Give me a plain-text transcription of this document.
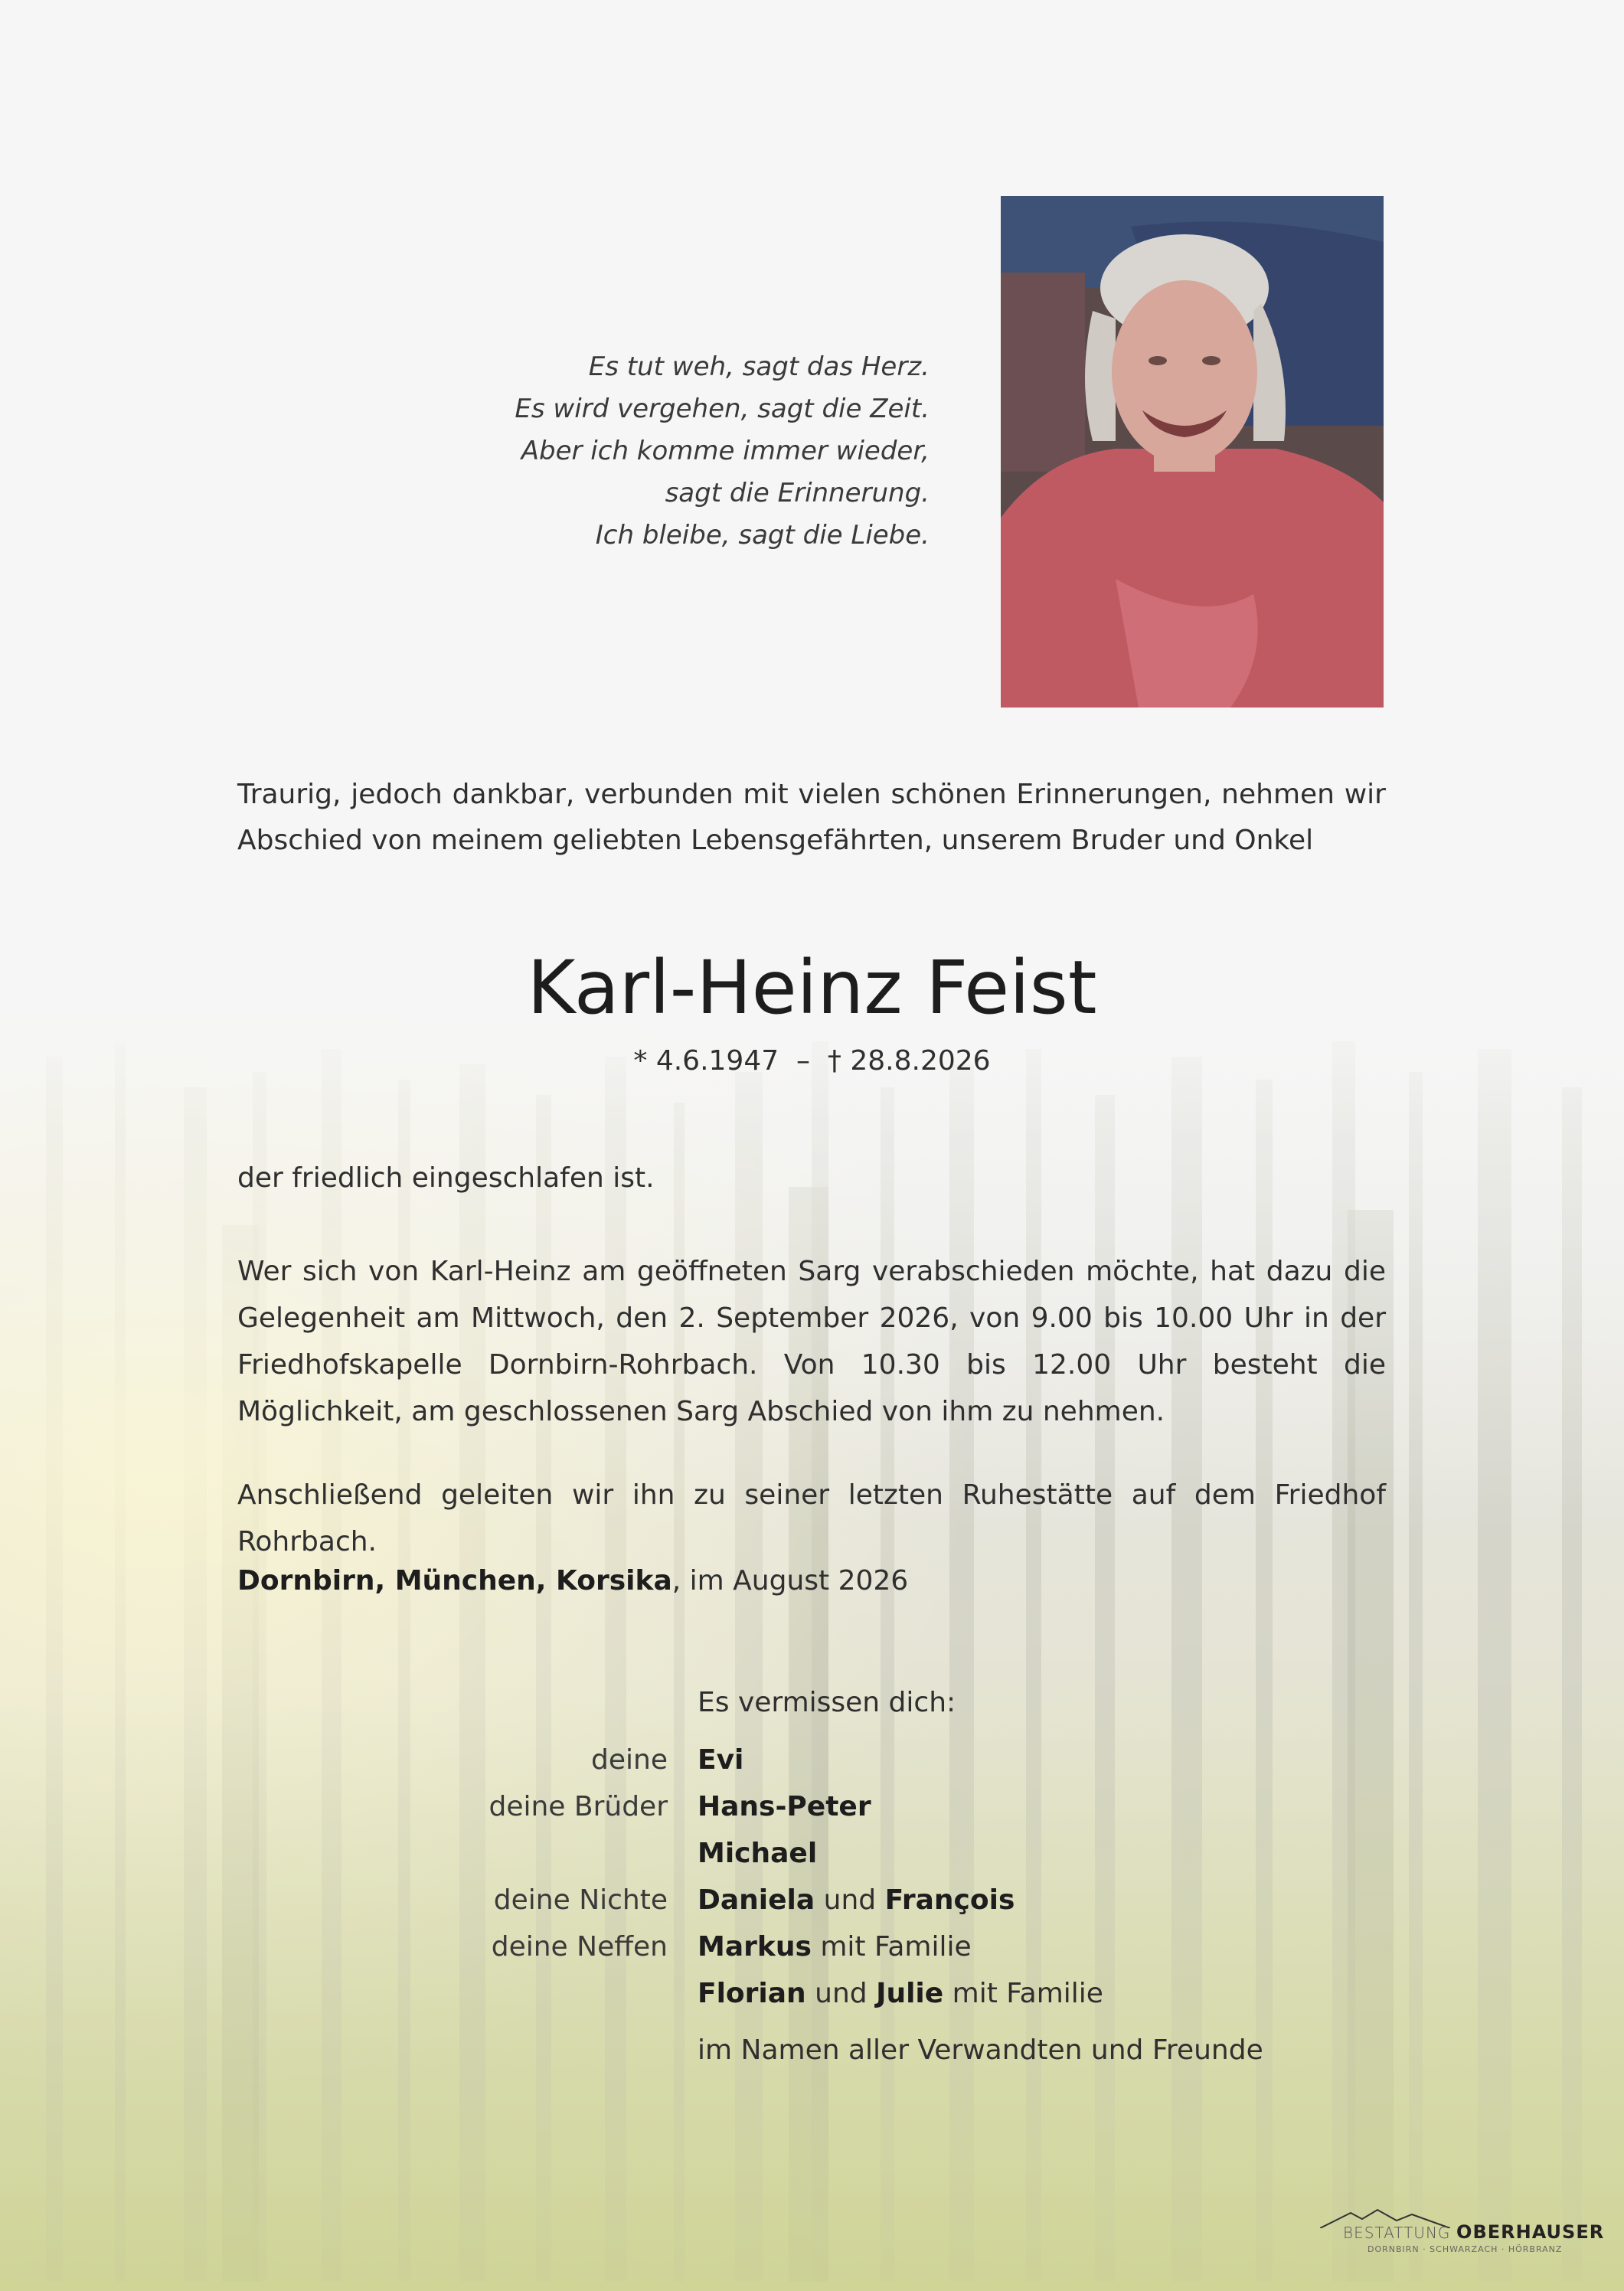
Es tut weh, sagt das Herz.
Es wird vergehen, sagt die Zeit.
Aber ich komme immer wieder,
sagt die Erinnerung.
Ich bleibe, sagt die Liebe.
Traurig, jedoch dankbar, verbunden mit vielen schönen Erinnerungen, nehmen wir Abschied von meinem geliebten Lebensgefährten, unserem Bruder und Onkel
Karl-Heinz Feist
* 4.6.1947  –  † 28.8.2026
der friedlich eingeschlafen ist.
Wer sich von Karl-Heinz am geöffneten Sarg verabschieden möchte, hat dazu die Gelegenheit am Mittwoch, den 2. September 2026, von 9.00 bis 10.00 Uhr in der Friedhofskapelle Dornbirn-Rohrbach. Von 10.30 bis 12.00 Uhr besteht die Möglichkeit, am geschlossenen Sarg Abschied von ihm zu nehmen.
Anschließend geleiten wir ihn zu seiner letzten Ruhestätte auf dem Friedhof Rohrbach.
Dornbirn, München, Korsika, im August 2026
Es vermissen dich:
deine Evi
deine Brüder Hans-Peter
Michael
deine Nichte Daniela und François
deine Neffen Markus mit Familie
Florian und Julie mit Familie
im Namen aller Verwandten und Freunde
BESTATTUNG OBERHAUSER
DORNBIRN · SCHWARZACH · HÖRBRANZ
